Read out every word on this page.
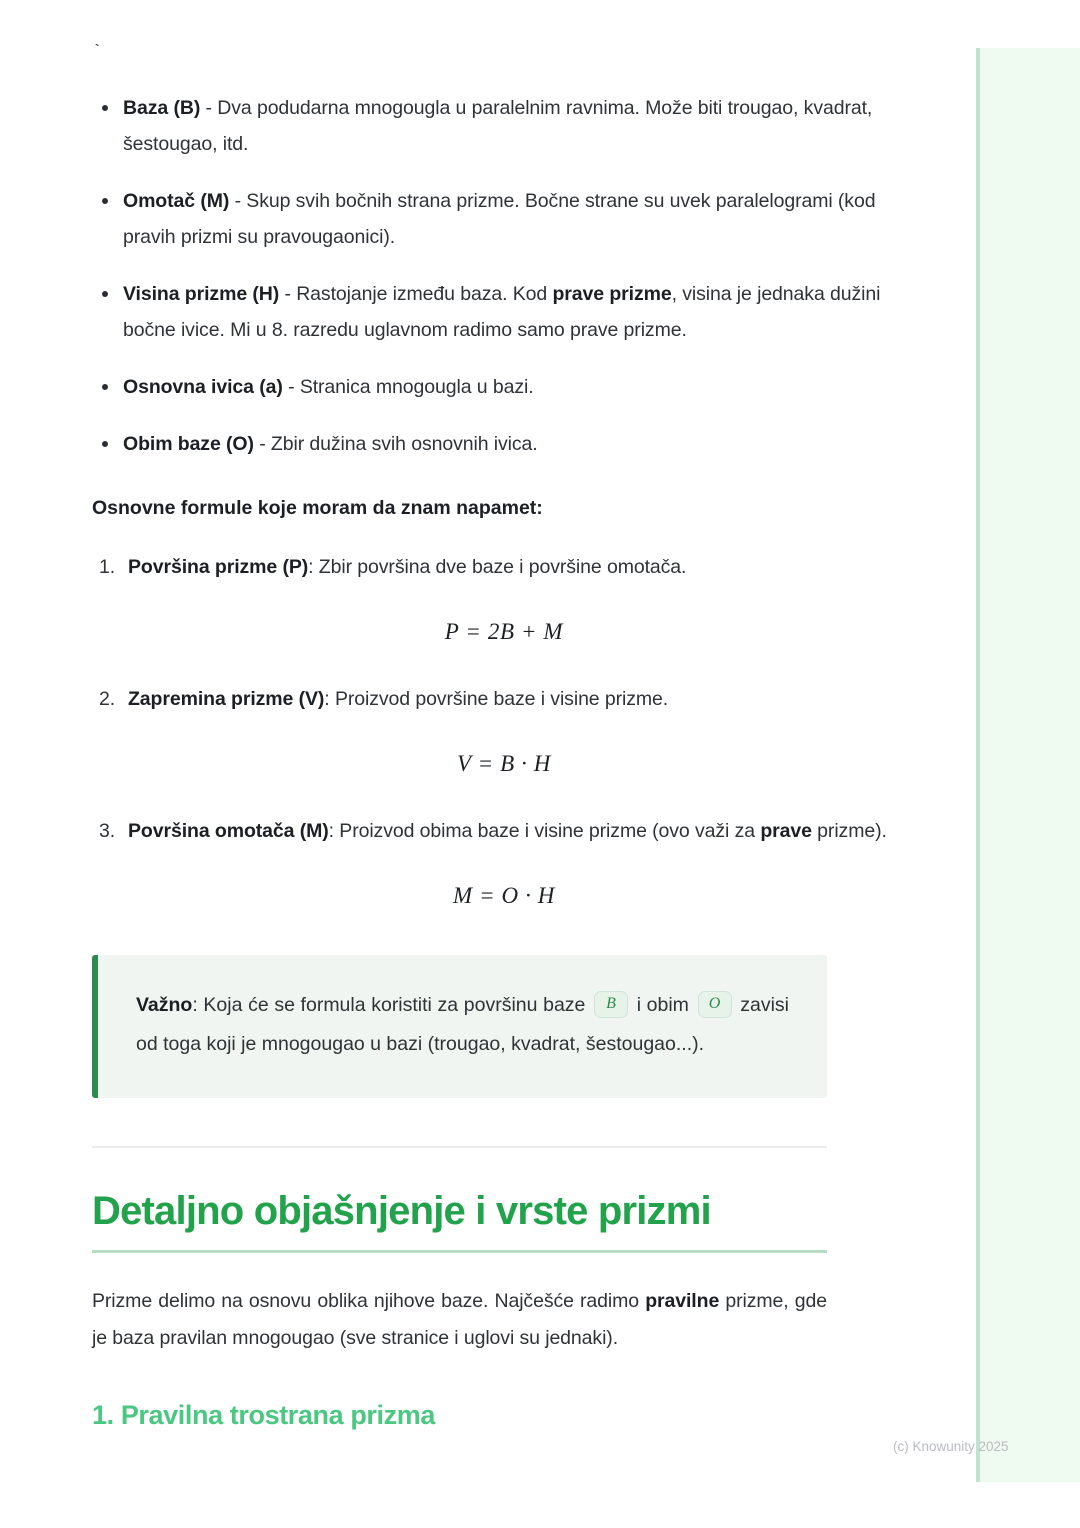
`
Baza (B) - Dva podudarna mnogougla u paralelnim ravnima. Može biti trougao, kvadrat, šestougao, itd.
Omotač (M) - Skup svih bočnih strana prizme. Bočne strane su uvek paralelogrami (kod pravih prizmi su pravougaonici).
Visina prizme (H) - Rastojanje između baza. Kod prave prizme, visina je jednaka dužini bočne ivice. Mi u 8. razredu uglavnom radimo samo prave prizme.
Osnovna ivica (a) - Stranica mnogougla u bazi.
Obim baze (O) - Zbir dužina svih osnovnih ivica.
Osnovne formule koje moram da znam napamet:
Površina prizme (P): Zbir površina dve baze i površine omotača.
P = 2B + M
Zapremina prizme (V): Proizvod površine baze i visine prizme.
V = B · H
Površina omotača (M): Proizvod obima baze i visine prizme (ovo važi za prave prizme).
M = O · H

Važno: Koja će se formula koristiti za površinu baze B i obim O zavisi od toga koji je mnogougao u bazi (trougao, kvadrat, šestougao...).

Detaljno objašnjenje i vrste prizmi

Prizme delimo na osnovu oblika njihove baze. Najčešće radimo pravilne prizme, gde je baza pravilan mnogougao (sve stranice i uglovi su jednaki).

1. Pravilna trostrana prizma
(c) Knowunity 2025
